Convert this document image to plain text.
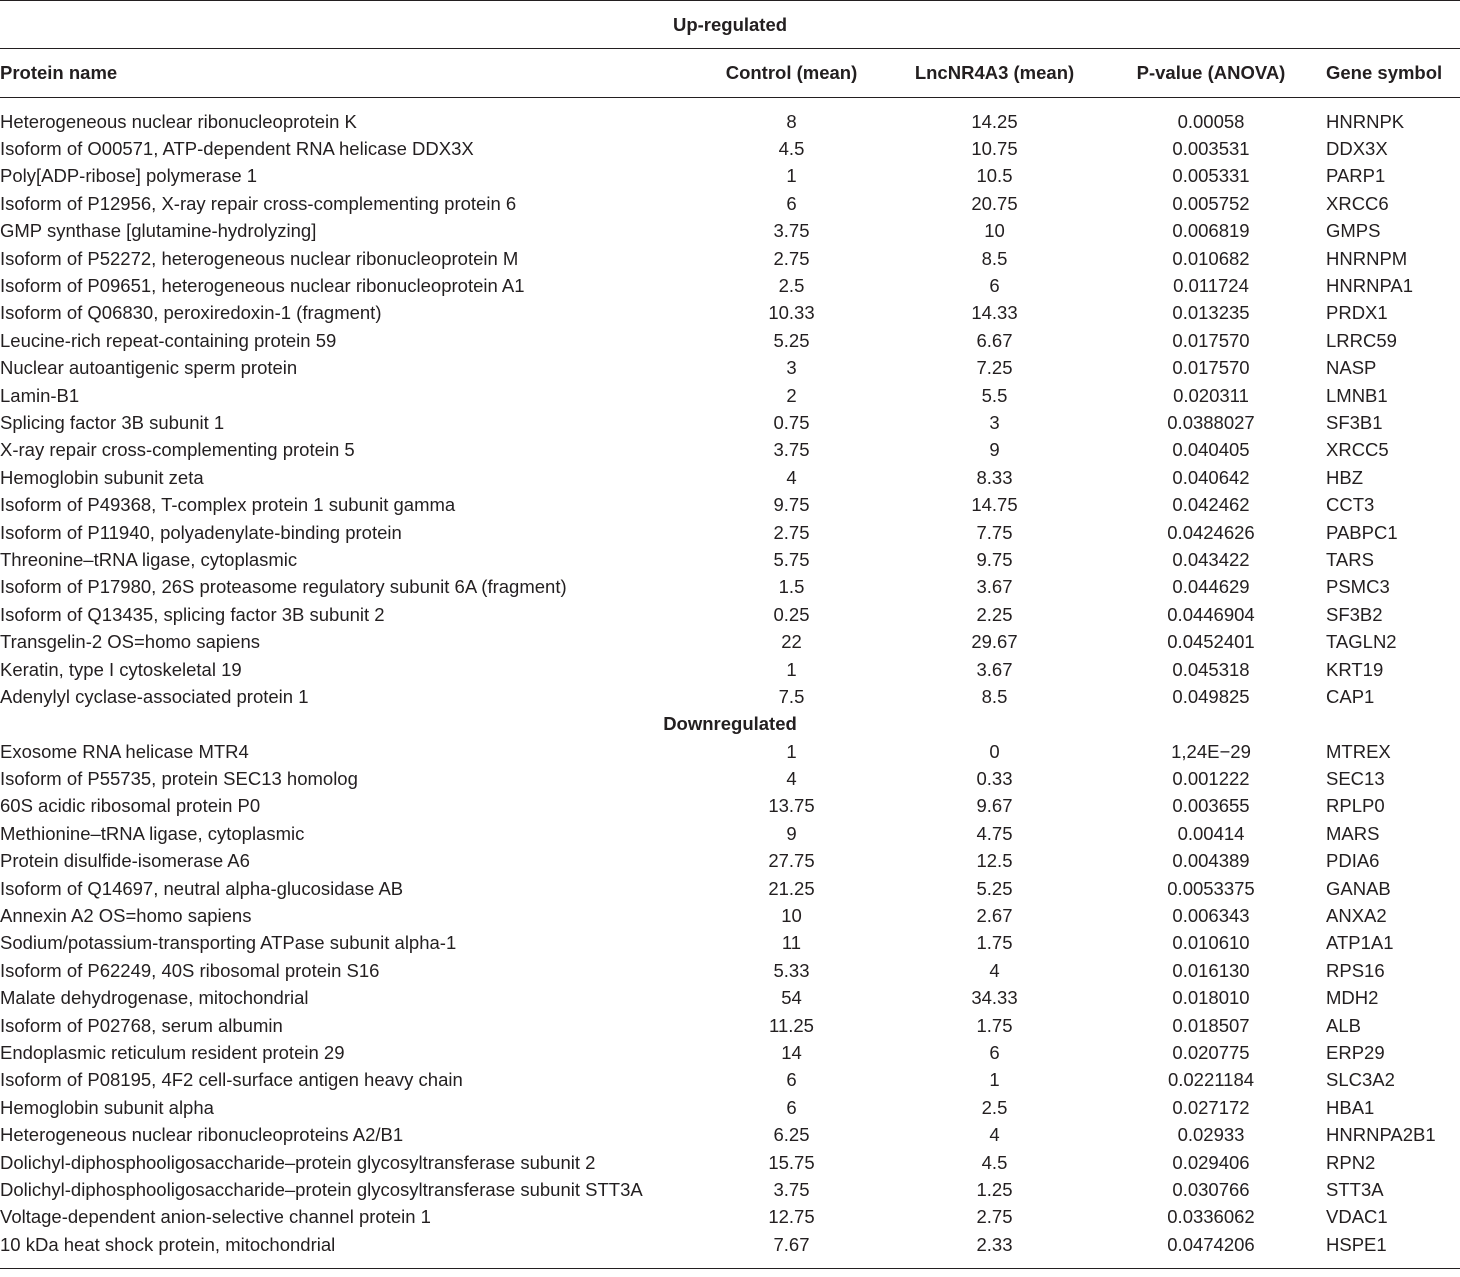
Up-regulated				
Protein name	Control (mean)	LncNR4A3 (mean)	P-value (ANOVA)	Gene symbol
Heterogeneous nuclear ribonucleoprotein K	8	14.25	0.00058	HNRNPK
Isoform of O00571, ATP-dependent RNA helicase DDX3X	4.5	10.75	0.003531	DDX3X
Poly[ADP-ribose] polymerase 1	1	10.5	0.005331	PARP1
Isoform of P12956, X-ray repair cross-complementing protein 6	6	20.75	0.005752	XRCC6
GMP synthase [glutamine-hydrolyzing]	3.75	10	0.006819	GMPS
Isoform of P52272, heterogeneous nuclear ribonucleoprotein M	2.75	8.5	0.010682	HNRNPM
Isoform of P09651, heterogeneous nuclear ribonucleoprotein A1	2.5	6	0.011724	HNRNPA1
Isoform of Q06830, peroxiredoxin-1 (fragment)	10.33	14.33	0.013235	PRDX1
Leucine-rich repeat-containing protein 59	5.25	6.67	0.017570	LRRC59
Nuclear autoantigenic sperm protein	3	7.25	0.017570	NASP
Lamin-B1	2	5.5	0.020311	LMNB1
Splicing factor 3B subunit 1	0.75	3	0.0388027	SF3B1
X-ray repair cross-complementing protein 5	3.75	9	0.040405	XRCC5
Hemoglobin subunit zeta	4	8.33	0.040642	HBZ
Isoform of P49368, T-complex protein 1 subunit gamma	9.75	14.75	0.042462	CCT3
Isoform of P11940, polyadenylate-binding protein	2.75	7.75	0.0424626	PABPC1
Threonine–tRNA ligase, cytoplasmic	5.75	9.75	0.043422	TARS
Isoform of P17980, 26S proteasome regulatory subunit 6A (fragment)	1.5	3.67	0.044629	PSMC3
Isoform of Q13435, splicing factor 3B subunit 2	0.25	2.25	0.0446904	SF3B2
Transgelin-2 OS=homo sapiens	22	29.67	0.0452401	TAGLN2
Keratin, type I cytoskeletal 19	1	3.67	0.045318	KRT19
Adenylyl cyclase-associated protein 1	7.5	8.5	0.049825	CAP1
Downregulated				
Exosome RNA helicase MTR4	1	0	1,24E−29	MTREX
Isoform of P55735, protein SEC13 homolog	4	0.33	0.001222	SEC13
60S acidic ribosomal protein P0	13.75	9.67	0.003655	RPLP0
Methionine–tRNA ligase, cytoplasmic	9	4.75	0.00414	MARS
Protein disulfide-isomerase A6	27.75	12.5	0.004389	PDIA6
Isoform of Q14697, neutral alpha-glucosidase AB	21.25	5.25	0.0053375	GANAB
Annexin A2 OS=homo sapiens	10	2.67	0.006343	ANXA2
Sodium/potassium-transporting ATPase subunit alpha-1	11	1.75	0.010610	ATP1A1
Isoform of P62249, 40S ribosomal protein S16	5.33	4	0.016130	RPS16
Malate dehydrogenase, mitochondrial	54	34.33	0.018010	MDH2
Isoform of P02768, serum albumin	11.25	1.75	0.018507	ALB
Endoplasmic reticulum resident protein 29	14	6	0.020775	ERP29
Isoform of P08195, 4F2 cell-surface antigen heavy chain	6	1	0.0221184	SLC3A2
Hemoglobin subunit alpha	6	2.5	0.027172	HBA1
Heterogeneous nuclear ribonucleoproteins A2/B1	6.25	4	0.02933	HNRNPA2B1
Dolichyl-diphosphooligosaccharide–protein glycosyltransferase subunit 2	15.75	4.5	0.029406	RPN2
Dolichyl-diphosphooligosaccharide–protein glycosyltransferase subunit STT3A	3.75	1.25	0.030766	STT3A
Voltage-dependent anion-selective channel protein 1	12.75	2.75	0.0336062	VDAC1
10 kDa heat shock protein, mitochondrial	7.67	2.33	0.0474206	HSPE1
